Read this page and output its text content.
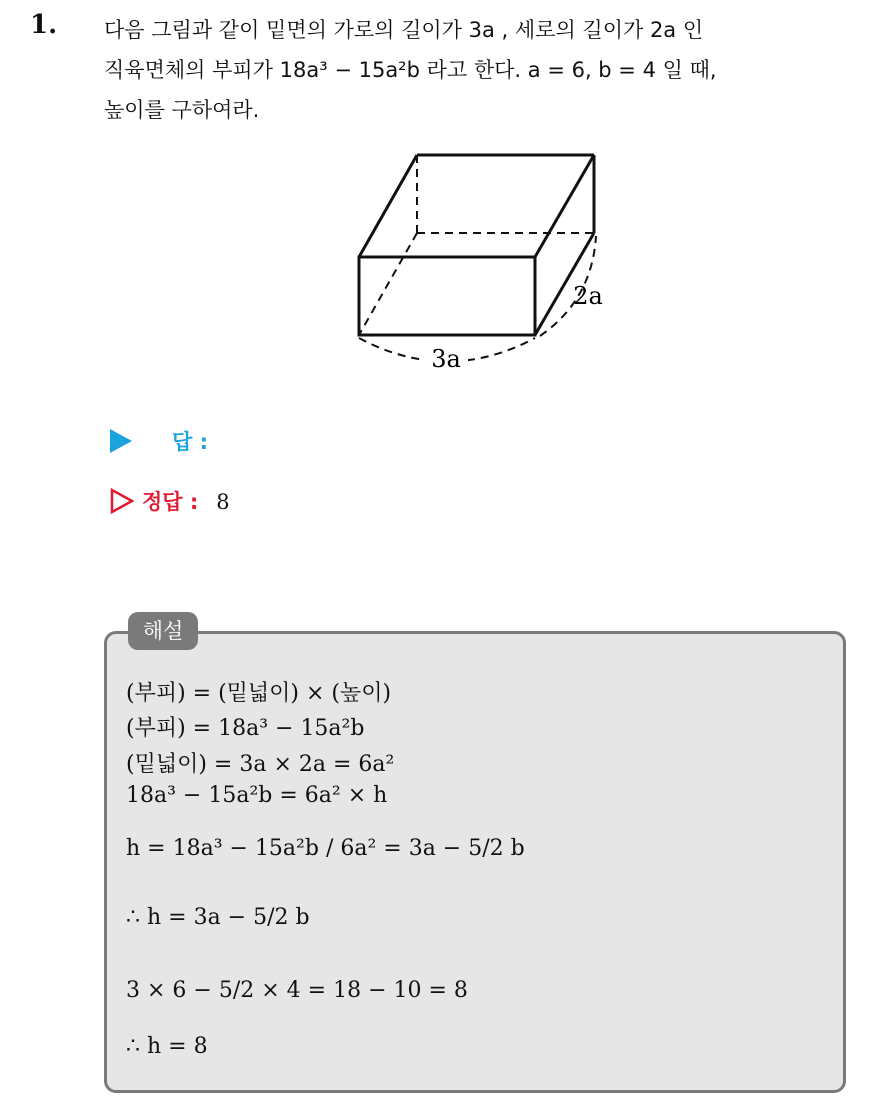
1. 다음 그림과 같이 밑면의 가로의 길이가 3a , 세로의 길이가 2a 인
직육면체의 부피가 18a³ − 15a²b 라고 한다. a = 6, b = 4 일 때,
높이를 구하여라.
3a
2a
답 :
정답 : 8
해설
(부피) = (밑넓이) × (높이)
(부피) = 18a³ − 15a²b
(밑넓이) = 3a × 2a = 6a²
18a³ − 15a²b = 6a² × h
h = 18a³ − 15a²b / 6a² = 3a − 5/2 b
∴ h = 3a − 5/2 b
3 × 6 − 5/2 × 4 = 18 − 10 = 8
∴ h = 8
